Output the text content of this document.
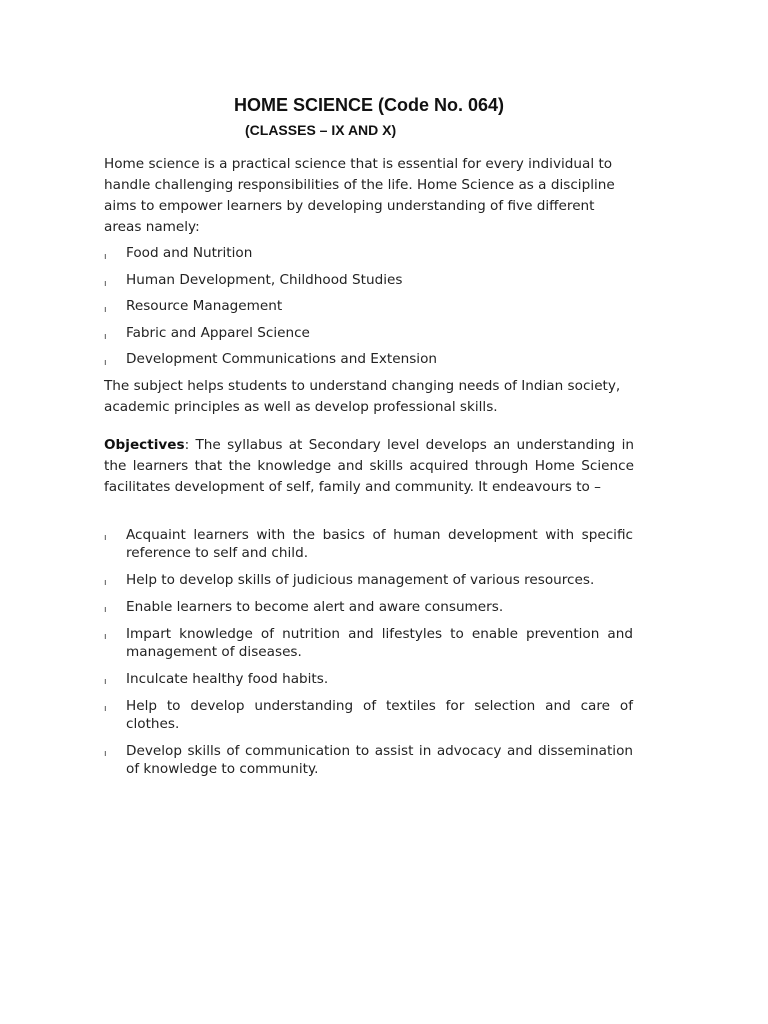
HOME SCIENCE (Code No. 064)
(CLASSES – IX AND X)
Home science is a practical science that is essential for every individual to handle challenging responsibilities of the life. Home Science as a discipline aims to empower learners by developing understanding of five different areas namely:
ı Food and Nutrition
ı Human Development, Childhood Studies
ı Resource Management
ı Fabric and Apparel Science
ı Development Communications and Extension
The subject helps students to understand changing needs of Indian society, academic principles as well as develop professional skills.
Objectives: The syllabus at Secondary level develops an understanding in the learners that the knowledge and skills acquired through Home Science facilitates development of self, family and community. It endeavours to –
ı Acquaint learners with the basics of human development with specific reference to self and child.
ı Help to develop skills of judicious management of various resources.
ı Enable learners to become alert and aware consumers.
ı Impart knowledge of nutrition and lifestyles to enable prevention and management of diseases.
ı Inculcate healthy food habits.
ı Help to develop understanding of textiles for selection and care of clothes.
ı Develop skills of communication to assist in advocacy and dissemination of knowledge to community.
